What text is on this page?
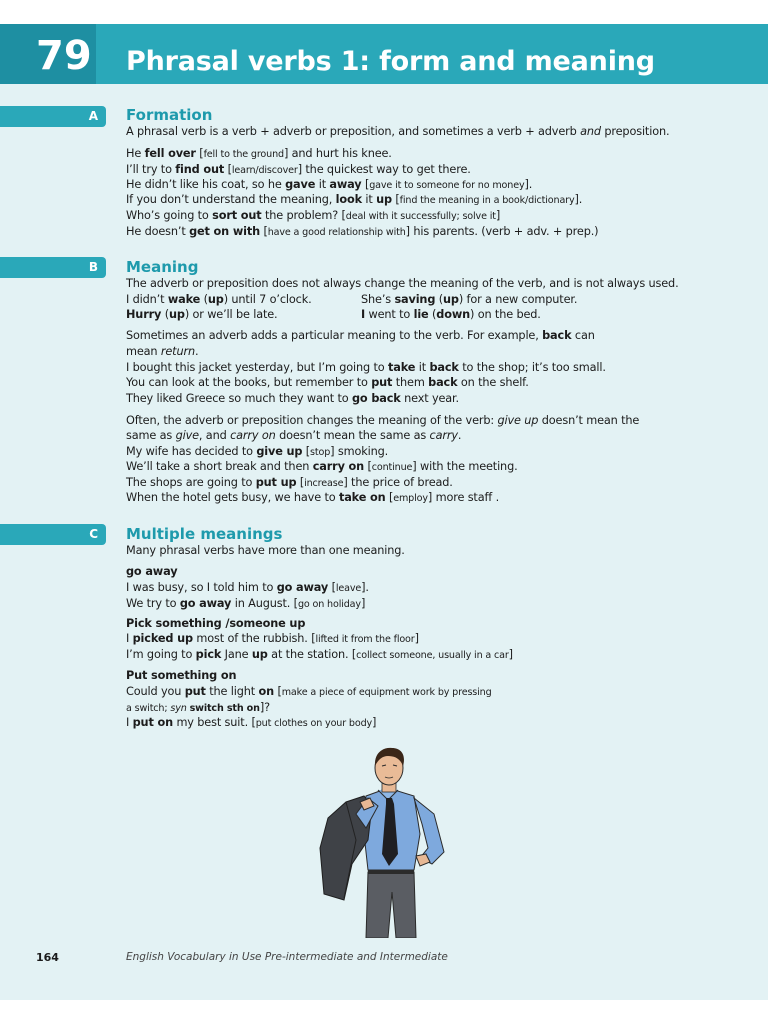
79 Phrasal verbs 1: form and meaning
A Formation
A phrasal verb is a verb + adverb or preposition, and sometimes a verb + adverb and preposition.
He fell over [fell to the ground] and hurt his knee.
I’ll try to find out [learn/discover] the quickest way to get there.
He didn’t like his coat, so he gave it away [gave it to someone for no money].
If you don’t understand the meaning, look it up [find the meaning in a book/dictionary].
Who’s going to sort out the problem? [deal with it successfully; solve it]
He doesn’t get on with [have a good relationship with] his parents. (verb + adv. + prep.)
B Meaning
The adverb or preposition does not always change the meaning of the verb, and is not always used.
I didn’t wake (up) until 7 o’clock.	She’s saving (up) for a new computer.
Hurry (up) or we’ll be late.	I went to lie (down) on the bed.
Sometimes an adverb adds a particular meaning to the verb. For example, back can
mean return.
I bought this jacket yesterday, but I’m going to take it back to the shop; it’s too small.
You can look at the books, but remember to put them back on the shelf.
They liked Greece so much they want to go back next year.
Often, the adverb or preposition changes the meaning of the verb: give up doesn’t mean the
same as give, and carry on doesn’t mean the same as carry.
My wife has decided to give up [stop] smoking.
We’ll take a short break and then carry on [continue] with the meeting.
The shops are going to put up [increase] the price of bread.
When the hotel gets busy, we have to take on [employ] more staff .
C Multiple meanings
Many phrasal verbs have more than one meaning.
go away
I was busy, so I told him to go away [leave].
We try to go away in August. [go on holiday]
Pick something /someone up
I picked up most of the rubbish. [lifted it from the floor]
I’m going to pick Jane up at the station. [collect someone, usually in a car]
Put something on
Could you put the light on [make a piece of equipment work by pressing
a switch; syn switch sth on]?
I put on my best suit. [put clothes on your body]
164	English Vocabulary in Use Pre-intermediate and Intermediate
